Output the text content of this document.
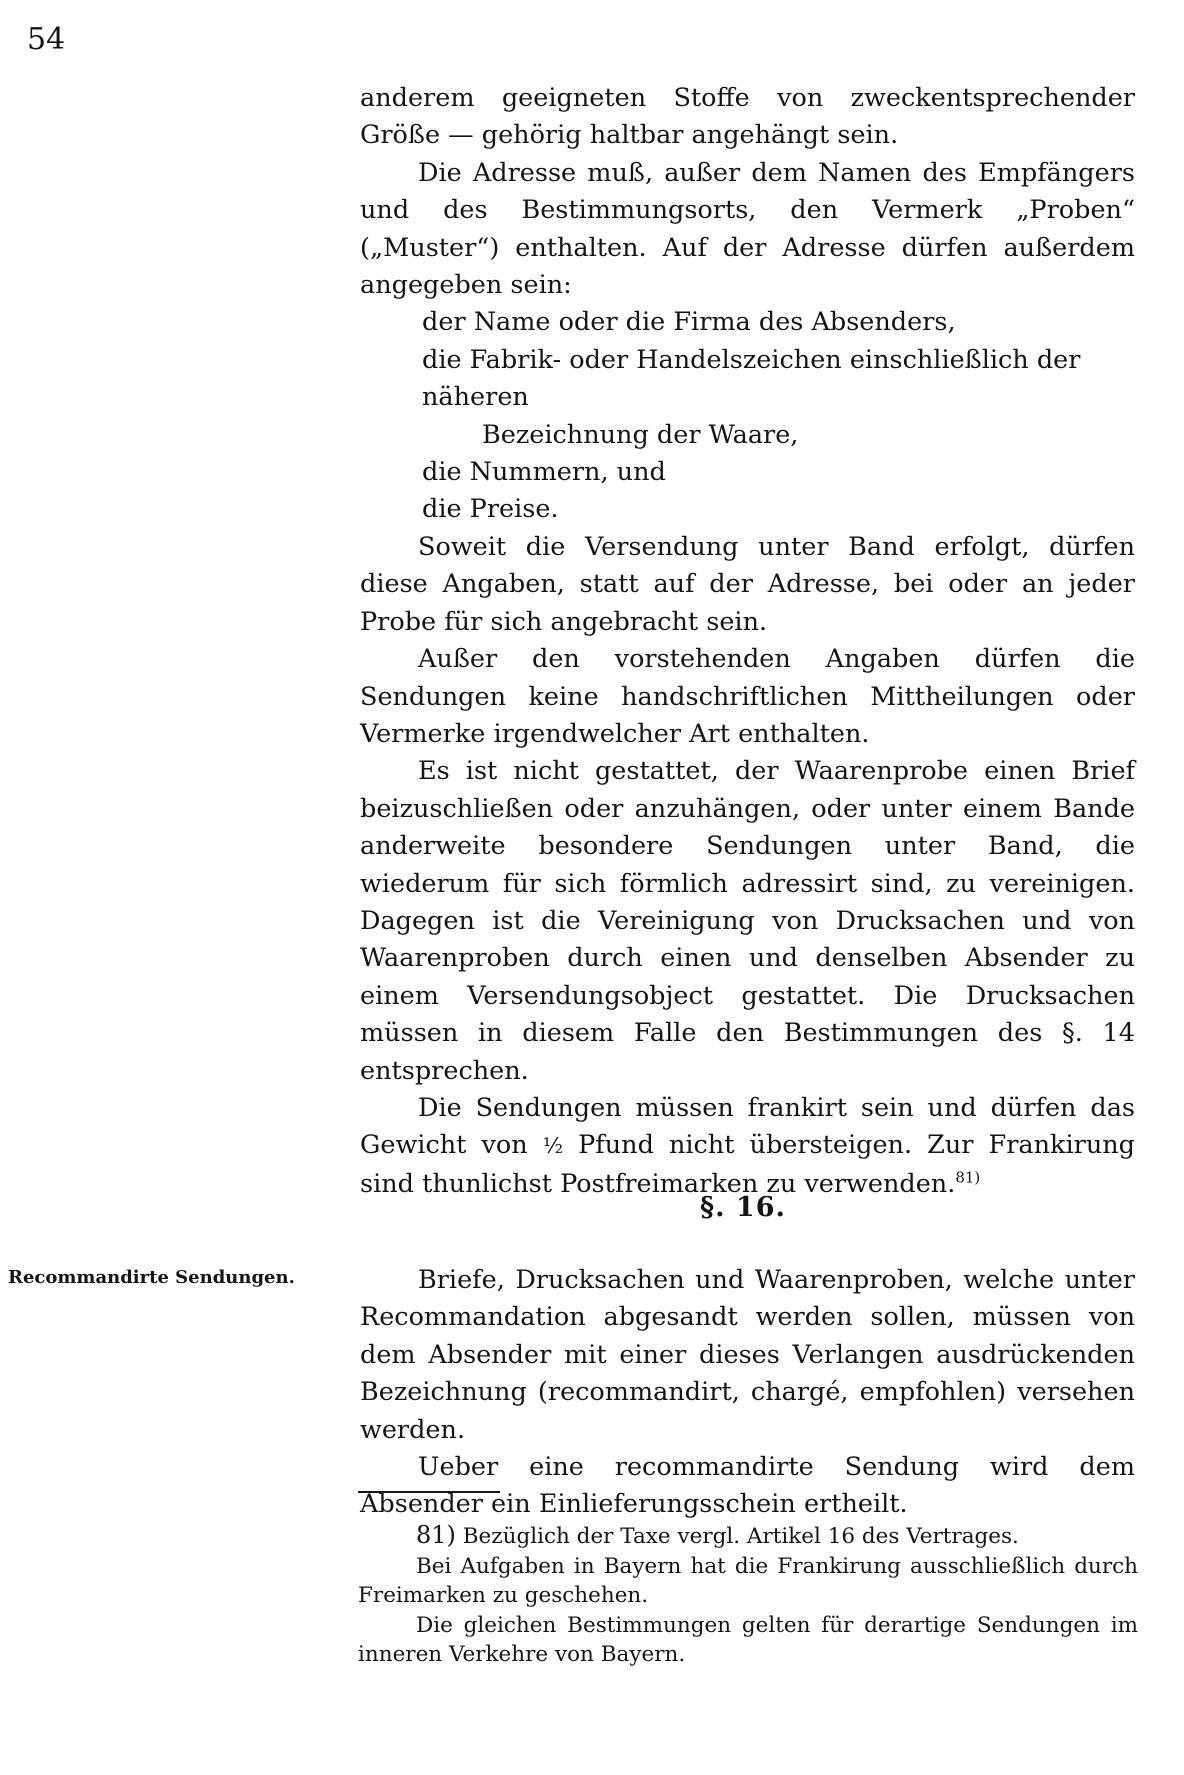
54

anderem geeigneten Stoffe von zweckentsprechender Größe — gehörig haltbar angehängt sein.

Die Adresse muß, außer dem Namen des Empfängers und des Bestimmungsorts, den Vermerk „Proben“ („Muster“) enthalten. Auf der Adresse dürfen außerdem angegeben sein:

der Name oder die Firma des Absenders,
die Fabrik- oder Handelszeichen einschließlich der näheren
Bezeichnung der Waare,
die Nummern, und
die Preise.

Soweit die Versendung unter Band erfolgt, dürfen diese Angaben, statt auf der Adresse, bei oder an jeder Probe für sich angebracht sein.

Außer den vorstehenden Angaben dürfen die Sendungen keine handschriftlichen Mittheilungen oder Vermerke irgendwelcher Art enthalten.

Es ist nicht gestattet, der Waarenprobe einen Brief beizuschließen oder anzuhängen, oder unter einem Bande anderweite besondere Sendungen unter Band, die wiederum für sich förmlich adressirt sind, zu vereinigen. Dagegen ist die Vereinigung von Drucksachen und von Waarenproben durch einen und denselben Absender zu einem Versendungsobject gestattet. Die Drucksachen müssen in diesem Falle den Bestimmungen des §. 14 entsprechen.

Die Sendungen müssen frankirt sein und dürfen das Gewicht von ½ Pfund nicht übersteigen. Zur Frankirung sind thunlichst Postfreimarken zu verwenden.$^{81)}$

§. 16.
Recommandirte Sendungen.	Briefe, Drucksachen und Waarenproben, welche unter Recommandation abgesandt werden sollen, müssen von dem Absender mit einer dieses Verlangen ausdrückenden Bezeichnung (recommandirt, chargé, empfohlen) versehen werden.

Ueber eine recommandirte Sendung wird dem Absender ein Einlieferungsschein ertheilt.

81) Bezüglich der Taxe vergl. Artikel 16 des Vertrages.

Bei Aufgaben in Bayern hat die Frankirung ausschließlich durch Freimarken zu geschehen.

Die gleichen Bestimmungen gelten für derartige Sendungen im inneren Verkehre von Bayern.
